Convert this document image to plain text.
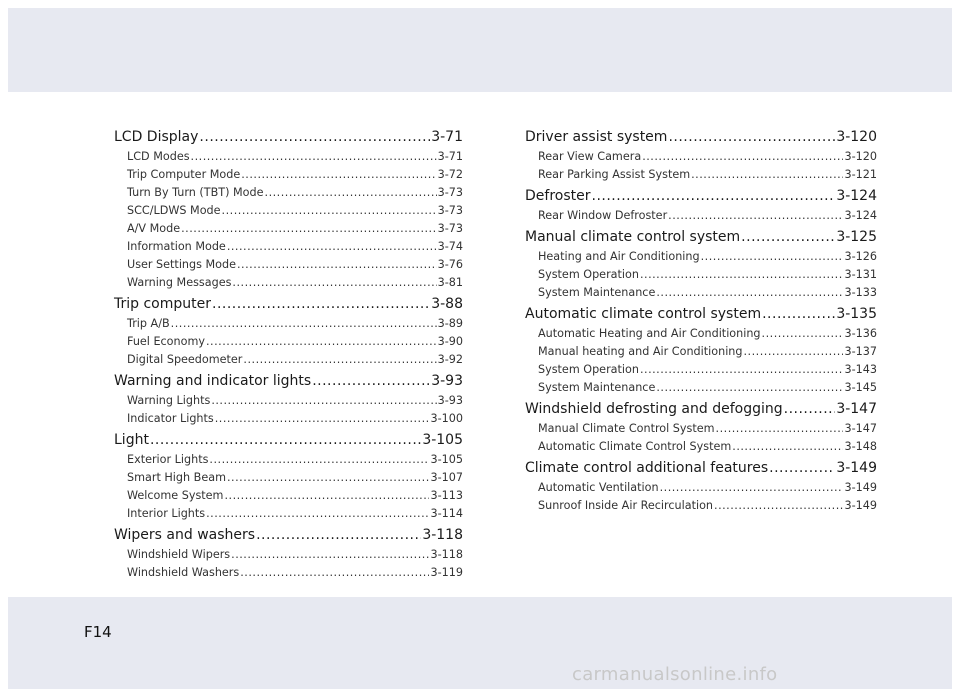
LCD Display .....	3-71
LCD Modes .....	3-71
Trip Computer Mode .....	3-72
Turn By Turn (TBT) Mode .....	3-73
SCC/LDWS Mode .....	3-73
A/V Mode .....	3-73
Information Mode .....	3-74
User Settings Mode .....	3-76
Warning Messages .....	3-81
Trip computer .....	3-88
Trip A/B .....	3-89
Fuel Economy .....	3-90
Digital Speedometer .....	3-92
Warning and indicator lights .....	3-93
Warning Lights .....	3-93
Indicator Lights .....	3-100
Light .....	3-105
Exterior Lights .....	3-105
Smart High Beam .....	3-107
Welcome System .....	3-113
Interior Lights .....	3-114
Wipers and washers .....	3-118
Windshield Wipers .....	3-118
Windshield Washers .....	3-119
Driver assist system .....	3-120
Rear View Camera .....	3-120
Rear Parking Assist System .....	3-121
Defroster .....	3-124
Rear Window Defroster .....	3-124
Manual climate control system .....	3-125
Heating and Air Conditioning .....	3-126
System Operation .....	3-131
System Maintenance .....	3-133
Automatic climate control system .....	3-135
Automatic Heating and Air Conditioning .....	3-136
Manual heating and Air Conditioning .....	3-137
System Operation .....	3-143
System Maintenance .....	3-145
Windshield defrosting and defogging .....	3-147
Manual Climate Control System .....	3-147
Automatic Climate Control System .....	3-148
Climate control additional features .....	3-149
Automatic Ventilation .....	3-149
Sunroof Inside Air Recirculation .....	3-149
F14
carmanualsonline.info
